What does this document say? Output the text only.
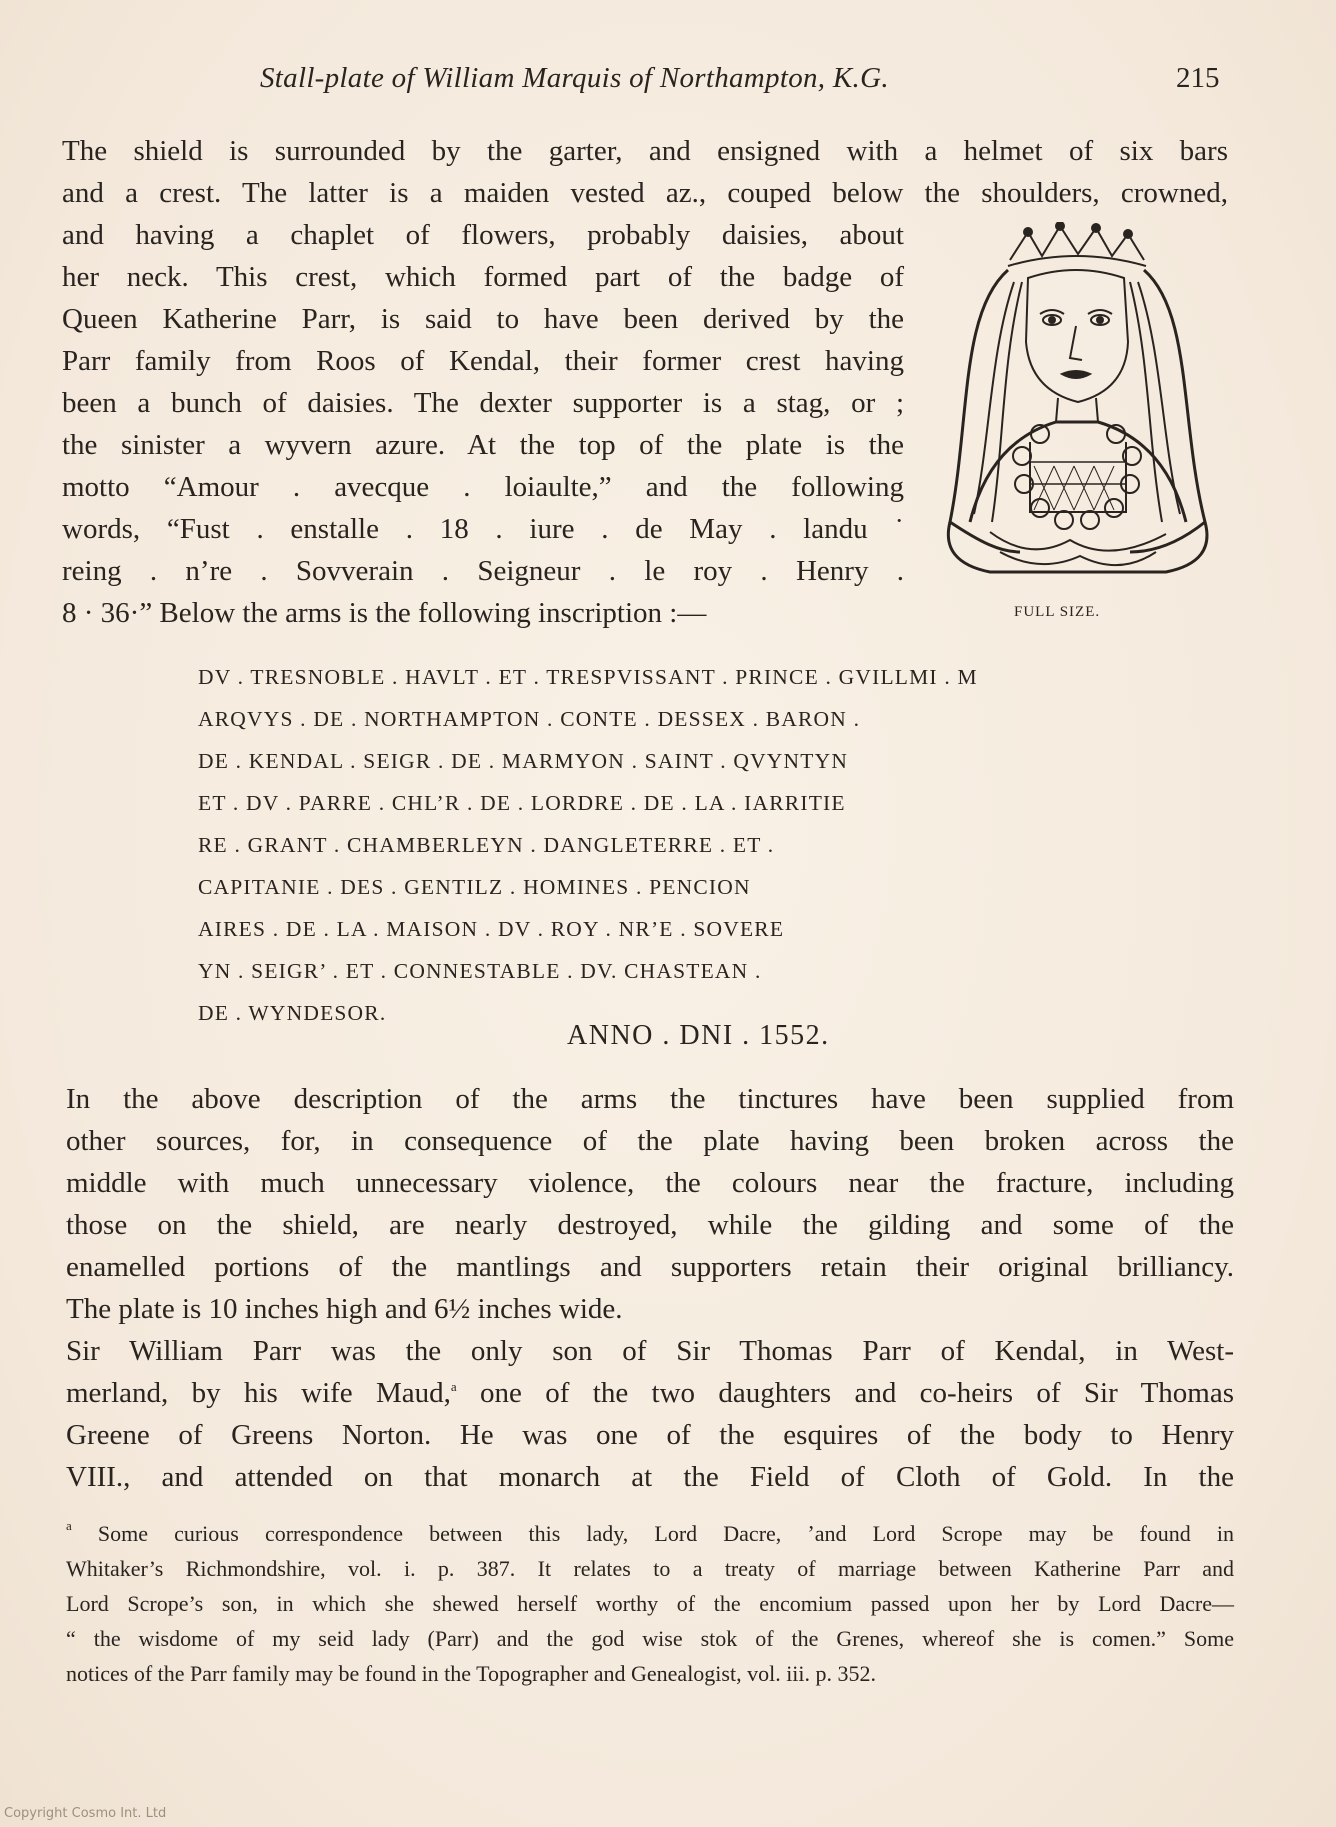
Stall-plate of William Marquis of Northampton, K.G.	215
The shield is surrounded by the garter, and ensigned with a helmet of six bars
and a crest. The latter is a maiden vested az., couped below the shoulders, crowned,
and having a chaplet of flowers, probably daisies, about
her neck. This crest, which formed part of the badge of
Queen Katherine Parr, is said to have been derived by the
Parr family from Roos of Kendal, their former crest having
been a bunch of daisies. The dexter supporter is a stag, or ;
the sinister a wyvern azure. At the top of the plate is the
motto “Amour . avecque . loiaulte,” and the following
words, “Fust . enstalle . 18 . iure . de May . landu ˙
reing . n’re . Sovverain . Seigneur . le roy . Henry .
8 · 36·” Below the arms is the following inscription :—	FULL SIZE.
DV . TRESNOBLE . HAVLT . ET . TRESPVISSANT . PRINCE . GVILLMI . M
ARQVYS . DE . NORTHAMPTON . CONTE . DESSEX . BARON .
DE . KENDAL . SEIGR . DE . MARMYON . SAINT . QVYNTYN
ET . DV . PARRE . CHL’R . DE . LORDRE . DE . LA . IARRITIE
RE . GRANT . CHAMBERLEYN . DANGLETERRE . ET .
CAPITANIE . DES . GENTILZ . HOMINES . PENCION
AIRES . DE . LA . MAISON . DV . ROY . NR’E . SOVERE
YN . SEIGR’ . ET . CONNESTABLE . DV. CHASTEAN .
DE . WYNDESOR.
ANNO . DNI . 1552.
In the above description of the arms the tinctures have been supplied from
other sources, for, in consequence of the plate having been broken across the
middle with much unnecessary violence, the colours near the fracture, including
those on the shield, are nearly destroyed, while the gilding and some of the
enamelled portions of the mantlings and supporters retain their original brilliancy.
The plate is 10 inches high and 6½ inches wide.
Sir William Parr was the only son of Sir Thomas Parr of Kendal, in West-
merland, by his wife Maud,$^a$ one of the two daughters and co-heirs of Sir Thomas
Greene of Greens Norton. He was one of the esquires of the body to Henry
VIII., and attended on that monarch at the Field of Cloth of Gold. In the
$^a$ Some curious correspondence between this lady, Lord Dacre, ʼand Lord Scrope may be found in
Whitaker’s Richmondshire, vol. i. p. 387. It relates to a treaty of marriage between Katherine Parr and
Lord Scrope’s son, in which she shewed herself worthy of the encomium passed upon her by Lord Dacre—
“ the wisdome of my seid lady (Parr) and the god wise stok of the Grenes, whereof she is comen.” Some
notices of the Parr family may be found in the Topographer and Genealogist, vol. iii. p. 352.
Copyright Cosmo Int. Ltd
